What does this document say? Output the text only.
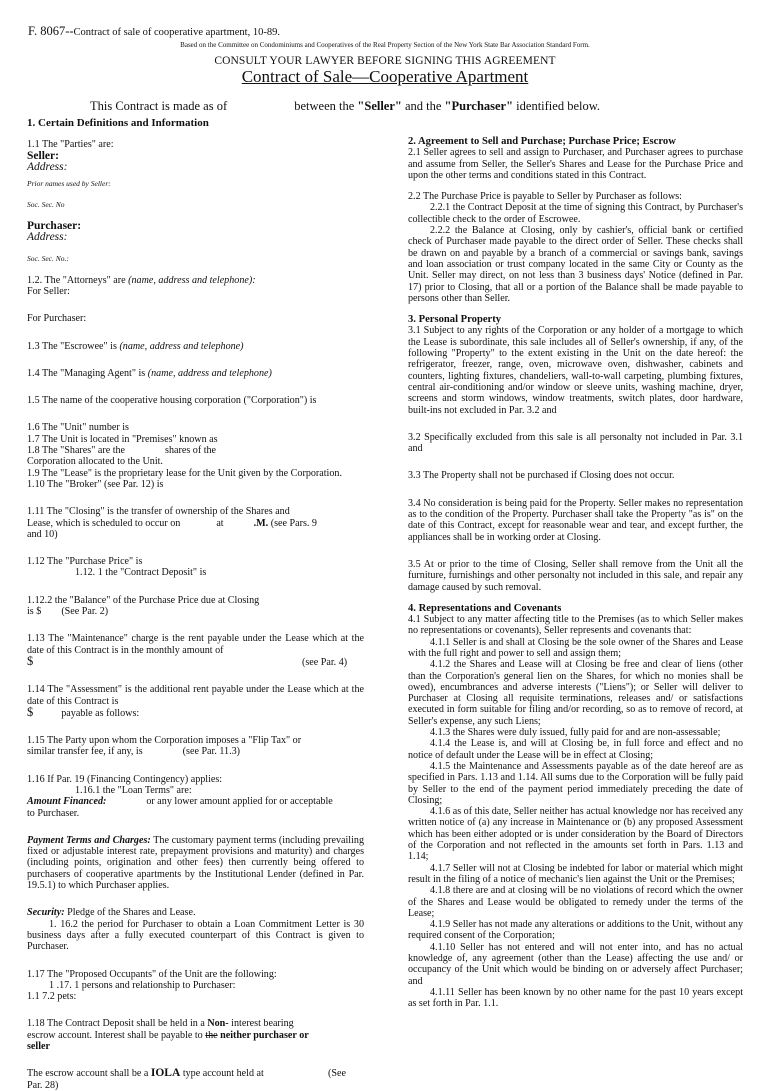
F. 8067--Contract of sale of cooperative apartment, 10-89.
Based on the Committee on Condominiums and Cooperatives of the Real Property Section of the New York State Bar Association Standard Form.
CONSULT YOUR LAWYER BEFORE SIGNING THIS AGREEMENT
Contract of Sale—Cooperative Apartment
This Contract is made as of	between the "Seller" and the "Purchaser" identified below.

1. Certain Definitions and Information

1.1 The "Parties" are:

Seller:

Address:

Prior names used by Seller:

Soc. Sec. No

Purchaser:

Address:

Soc. Sec. No.:

1.2. The "Attorneys" are (name, address and telephone):

For Seller:

For Purchaser:

1.3 The "Escrowee" is (name, address and telephone)

1.4 The "Managing Agent" is (name, address and telephone)

1.5 The name of the cooperative housing corporation ("Corporation") is

1.6 The "Unit" number is

1.7 The Unit is located in "Premises" known as

1.8 The "Shares" are the	shares of the

Corporation allocated to the Unit.

1.9 The "Lease" is the proprietary lease for the Unit given by the Corporation.

1.10 The "Broker" (see Par. 12) is

1.11 The "Closing" is the transfer of ownership of the Shares and

Lease, which is scheduled to occur on	at	.M. (see Pars. 9

and 10)

1.12 The "Purchase Price" is

1.12. 1 the "Contract Deposit" is

1.12.2 the "Balance" of the Purchase Price due at Closing

is $ (See Par. 2)

1.13 The "Maintenance" charge is the rent payable under the Lease which at the date of this Contract is in the monthly amount of

$	(see Par. 4)

1.14 The "Assessment" is the additional rent payable under the Lease which at the date of this Contract is

$	payable as follows:

1.15 The Party upon whom the Corporation imposes a "Flip Tax" or

similar transfer fee, if any, is	(see Par. 11.3)

1.16 If Par. 19 (Financing Contingency) applies:

1.16.1 the "Loan Terms" are:

Amount Financed:	or any lower amount applied for or acceptable

to Purchaser.

Payment Terms and Charges: The customary payment terms (including prevailing fixed or adjustable interest rate, prepayment provisions and maturity) and charges (including points, origination and other fees) then currently being offered to purchasers of cooperative apartments by the Institutional Lender (defined in Par. 19.5.1) to which Purchaser applies.

Security: Pledge of the Shares and Lease.

1. 16.2 the period for Purchaser to obtain a Loan Commitment Letter is 30 business days after a fully executed counterpart of this Contract is given to Purchaser.

1.17 The "Proposed Occupants" of the Unit are the following:

1 .17. 1 persons and relationship to Purchaser:

1.1 7.2 pets:

1.18 The Contract Deposit shall be held in a Non- interest bearing

escrow account. Interest shall be payable to the neither purchaser or

seller

The escrow account shall be a IOLA type account held at	(See

Par. 28)

2. Agreement to Sell and Purchase; Purchase Price; Escrow

2.1 Seller agrees to sell and assign to Purchaser, and Purchaser agrees to purchase and assume from Seller, the Seller's Shares and Lease for the Purchase Price and upon the other terms and conditions stated in this Contract.

2.2 The Purchase Price is payable to Seller by Purchaser as follows:

2.2.1 the Contract Deposit at the time of signing this Contract, by Purchaser's collectible check to the order of Escrowee.

2.2.2 the Balance at Closing, only by cashier's, official bank or certified check of Purchaser made payable to the direct order of Seller. These checks shall be drawn on and payable by a branch of a commercial or savings bank, savings and loan association or trust company located in the same City or County as the Unit. Seller may direct, on not less than 3 business days' Notice (defined in Par. 17) prior to Closing, that all or a portion of the Balance shall be made payable to persons other than Seller.

3. Personal Property

3.1 Subject to any rights of the Corporation or any holder of a mortgage to which the Lease is subordinate, this sale includes all of Seller's ownership, if any, of the following "Property" to the extent existing in the Unit on the date hereof: the refrigerator, freezer, range, oven, microwave oven, dishwasher, cabinets and counters, lighting fixtures, chandeliers, wall-to-wall carpeting, plumbing fixtures, central air-conditioning and/or window or sleeve units, washing machine, dryer, screens and storm windows, window treatments, switch plates, door hardware, built-ins not excluded in Par. 3.2 and

3.2 Specifically excluded from this sale is all personalty not included in Par. 3.1 and

3.3 The Property shall not be purchased if Closing does not occur.

3.4 No consideration is being paid for the Property. Seller makes no representation as to the condition of the Property. Purchaser shall take the Property "as is" on the date of this Contract, except for reasonable wear and tear, and except further, the appliances shall be in working order at Closing.

3.5 At or prior to the time of Closing, Seller shall remove from the Unit all the furniture, furnishings and other personalty not included in this sale, and repair any damage caused by such removal.

4. Representations and Covenants

4.1 Subject to any matter affecting title to the Premises (as to which Seller makes no representations or covenants), Seller represents and covenants that:

4.1.1 Seller is and shall at Closing be the sole owner of the Shares and Lease with the full right and power to sell and assign them;

4.1.2 the Shares and Lease will at Closing be free and clear of liens (other than the Corporation's general lien on the Shares, for which no monies shall be owed), encumbrances and adverse interests ("Liens"); or Seller will deliver to Purchaser at Closing all requisite terminations, releases and/ or satisfactions executed in form suitable for filing and/or recording, so as to remove of record, at Seller's expense, any such Liens;

4.1.3 the Shares were duly issued, fully paid for and are non-assessable;

4.1.4 the Lease is, and will at Closing be, in full force and effect and no notice of default under the Lease will be in effect at Closing;

4.1.5 the Maintenance and Assessments payable as of the date hereof are as specified in Pars. 1.13 and 1.14. All sums due to the Corporation will be fully paid by Seller to the end of the payment period immediately preceding the date of Closing;

4.1.6 as of this date, Seller neither has actual knowledge nor has received any written notice of (a) any increase in Maintenance or (b) any proposed Assessment which has been either adopted or is under consideration by the Board of Directors of the Corporation and not reflected in the amounts set forth in Pars. 1.13 and 1.14;

4.1.7 Seller will not at Closing be indebted for labor or material which might result in the filing of a notice of mechanic's lien against the Unit or the Premises;

4.1.8 there are and at closing will be no violations of record which the owner of the Shares and Lease would be obligated to remedy under the terms of the Lease;

4.1.9 Seller has not made any alterations or additions to the Unit, without any required consent of the Corporation;

4.1.10 Seller has not entered and will not enter into, and has no actual knowledge of, any agreement (other than the Lease) affecting the use and/ or occupancy of the Unit which would be binding on or adversely affect Purchaser; and

4.1.11 Seller has been known by no other name for the past 10 years except as set forth in Par. 1.1.
